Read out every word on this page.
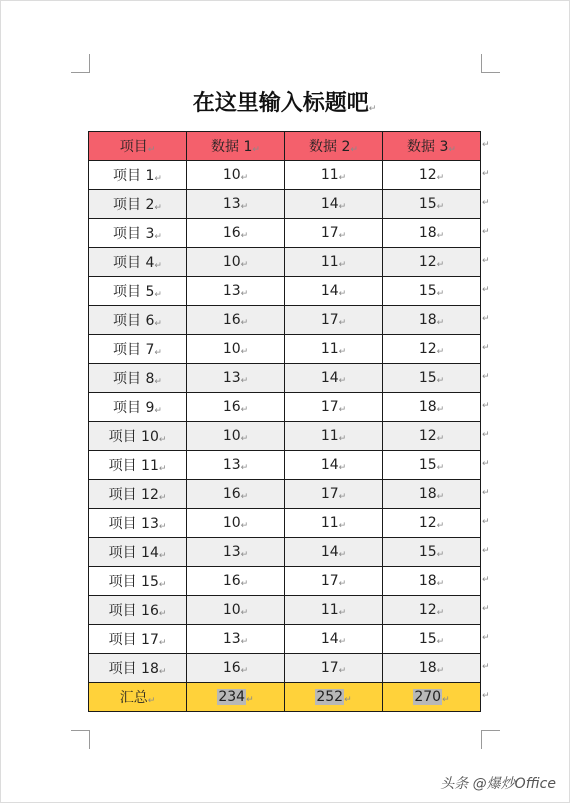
在这里输入标题吧↵
项目↵	数据 1↵	数据 2↵	数据 3↵
项目 1↵	10↵	11↵	12↵
项目 2↵	13↵	14↵	15↵
项目 3↵	16↵	17↵	18↵
项目 4↵	10↵	11↵	12↵
项目 5↵	13↵	14↵	15↵
项目 6↵	16↵	17↵	18↵
项目 7↵	10↵	11↵	12↵
项目 8↵	13↵	14↵	15↵
项目 9↵	16↵	17↵	18↵
项目 10↵	10↵	11↵	12↵
项目 11↵	13↵	14↵	15↵
项目 12↵	16↵	17↵	18↵
项目 13↵	10↵	11↵	12↵
项目 14↵	13↵	14↵	15↵
项目 15↵	16↵	17↵	18↵
项目 16↵	10↵	11↵	12↵
项目 17↵	13↵	14↵	15↵
项目 18↵	16↵	17↵	18↵
汇总↵	234↵	252↵	270↵
头条 @爆炒Office
↵
↵
↵
↵
↵
↵
↵
↵
↵
↵
↵
↵
↵
↵
↵
↵
↵
↵
↵
↵
